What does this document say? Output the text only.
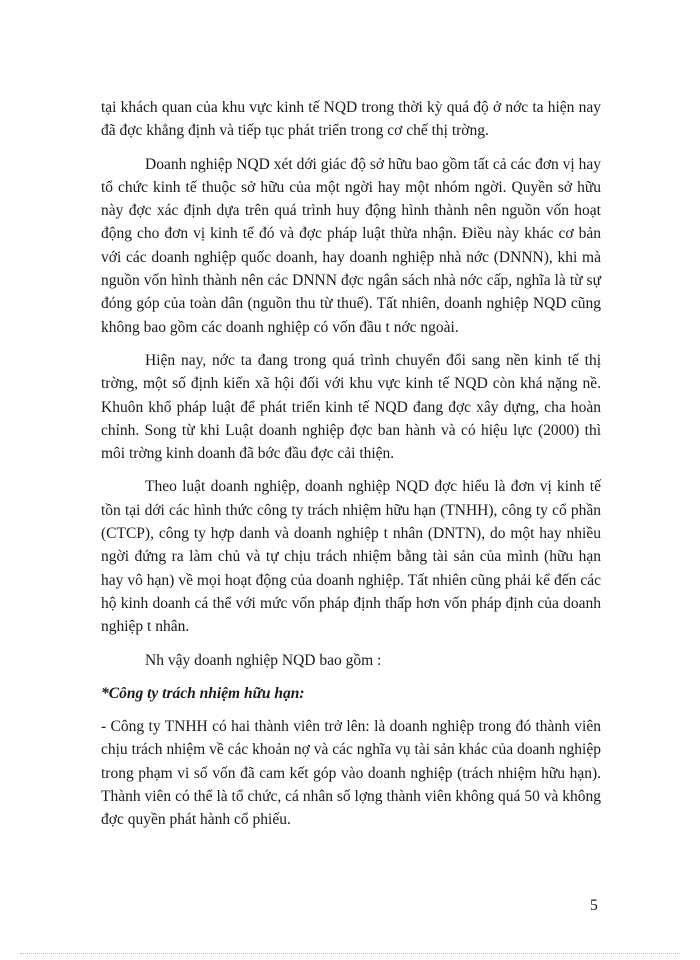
tại khách quan của khu vực kinh tế NQD trong thời kỳ quá độ ở nớc ta hiện nay đã đợc khẳng định và tiếp tục phát triển trong cơ chế thị trờng.

Doanh nghiệp NQD xét dới giác độ sở hữu bao gồm tất cả các đơn vị hay tổ chức kinh tế thuộc sở hữu của một ngời hay một nhóm ngời. Quyền sở hữu này đợc xác định dựa trên quá trình huy động hình thành nên nguồn vốn hoạt động cho đơn vị kinh tế đó và đợc pháp luật thừa nhận. Điều này khác cơ bản với các doanh nghiệp quốc doanh, hay doanh nghiệp nhà nớc (DNNN), khi mà nguồn vốn hình thành nên các DNNN đợc ngân sách nhà nớc cấp, nghĩa là từ sự đóng góp của toàn dân (nguồn thu từ thuế). Tất nhiên, doanh nghiệp NQD cũng không bao gồm các doanh nghiệp có vốn đầu t nớc ngoài.

Hiện nay, nớc ta đang trong quá trình chuyển đổi sang nền kinh tế thị trờng, một số định kiến xã hội đối với khu vực kinh tế NQD còn khá nặng nề. Khuôn khổ pháp luật để phát triển kinh tế NQD đang đợc xây dựng, cha hoàn chỉnh. Song từ khi Luật doanh nghiệp đợc ban hành và có hiệu lực (2000) thì môi trờng kinh doanh đã bớc đầu đợc cải thiện.

Theo luật doanh nghiệp, doanh nghiệp NQD đợc hiểu là đơn vị kinh tế tồn tại dới các hình thức công ty trách nhiệm hữu hạn (TNHH), công ty cổ phần (CTCP), công ty hợp danh và doanh nghiệp t nhân (DNTN), do một hay nhiều ngời đứng ra làm chủ và tự chịu trách nhiệm bằng tài sản của mình (hữu hạn hay vô hạn) về mọi hoạt động của doanh nghiệp. Tất nhiên cũng phải kể đến các hộ kinh doanh cá thể với mức vốn pháp định thấp hơn vốn pháp định của doanh nghiệp t nhân.

Nh vậy doanh nghiệp NQD bao gồm :

*Công ty trách nhiệm hữu hạn:

- Công ty TNHH có hai thành viên trở lên: là doanh nghiệp trong đó thành viên chịu trách nhiệm về các khoản nợ và các nghĩa vụ tài sản khác của doanh nghiệp trong phạm vi số vốn đã cam kết góp vào doanh nghiệp (trách nhiệm hữu hạn). Thành viên có thể là tổ chức, cá nhân số lợng thành viên không quá 50 và không đợc quyền phát hành cổ phiếu.

5
